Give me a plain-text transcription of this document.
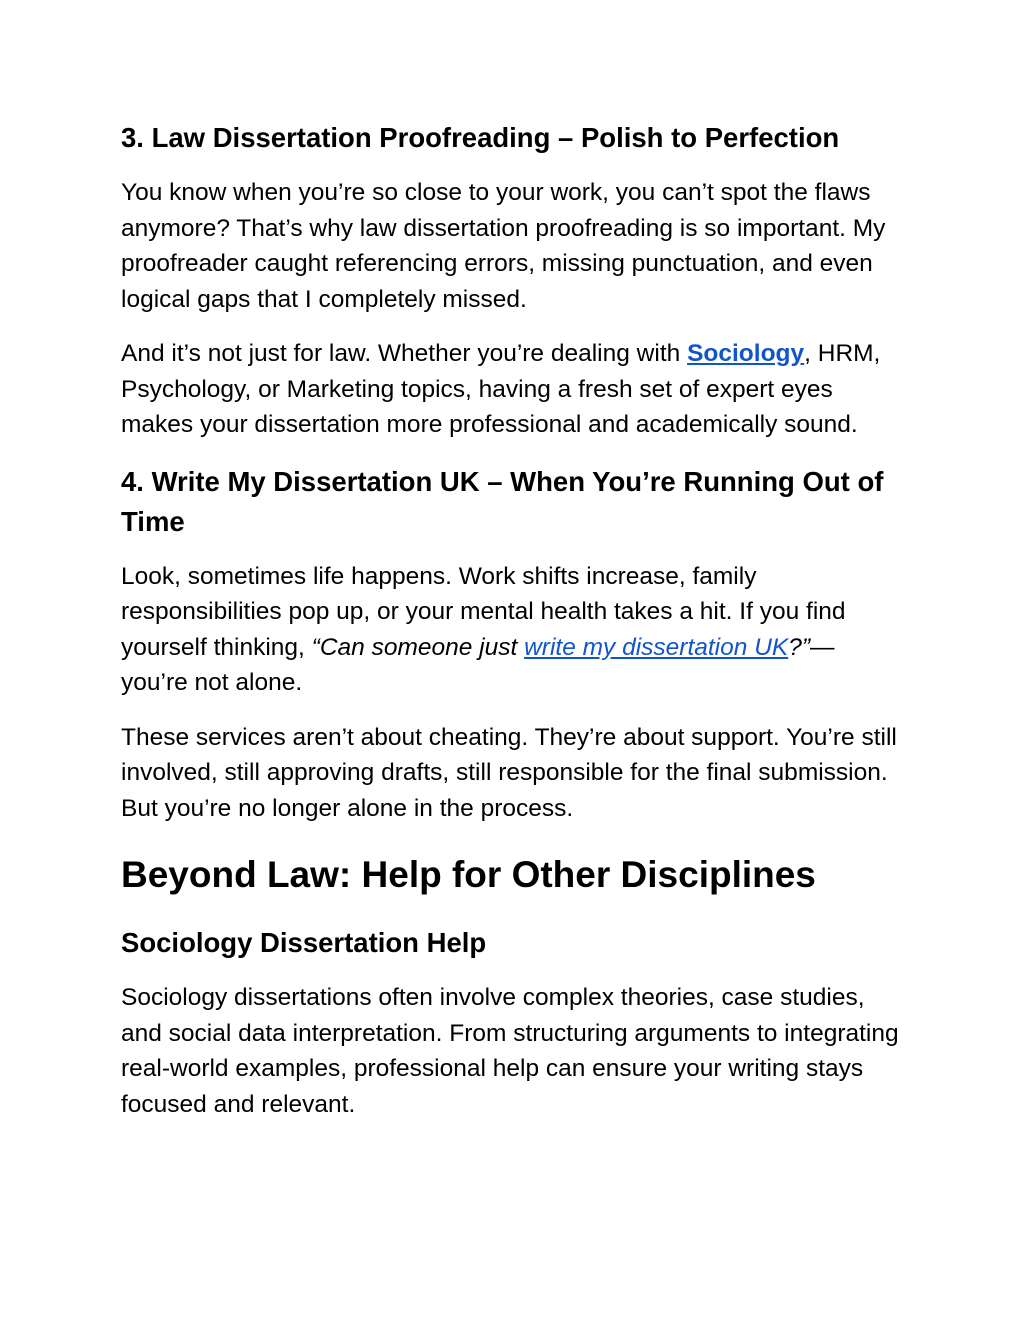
3. Law Dissertation Proofreading – Polish to Perfection

You know when you’re so close to your work, you can’t spot the flaws anymore? That’s why law dissertation proofreading is so important. My proofreader caught referencing errors, missing punctuation, and even logical gaps that I completely missed.

And it’s not just for law. Whether you’re dealing with Sociology, HRM, Psychology, or Marketing topics, having a fresh set of expert eyes makes your dissertation more professional and academically sound.

4. Write My Dissertation UK – When You’re Running Out of Time

Look, sometimes life happens. Work shifts increase, family responsibilities pop up, or your mental health takes a hit. If you find yourself thinking, “Can someone just write my dissertation UK?”—you’re not alone.

These services aren’t about cheating. They’re about support. You’re still involved, still approving drafts, still responsible for the final submission. But you’re no longer alone in the process.

Beyond Law: Help for Other Disciplines
Sociology Dissertation Help

Sociology dissertations often involve complex theories, case studies, and social data interpretation. From structuring arguments to integrating real-world examples, professional help can ensure your writing stays focused and relevant.
